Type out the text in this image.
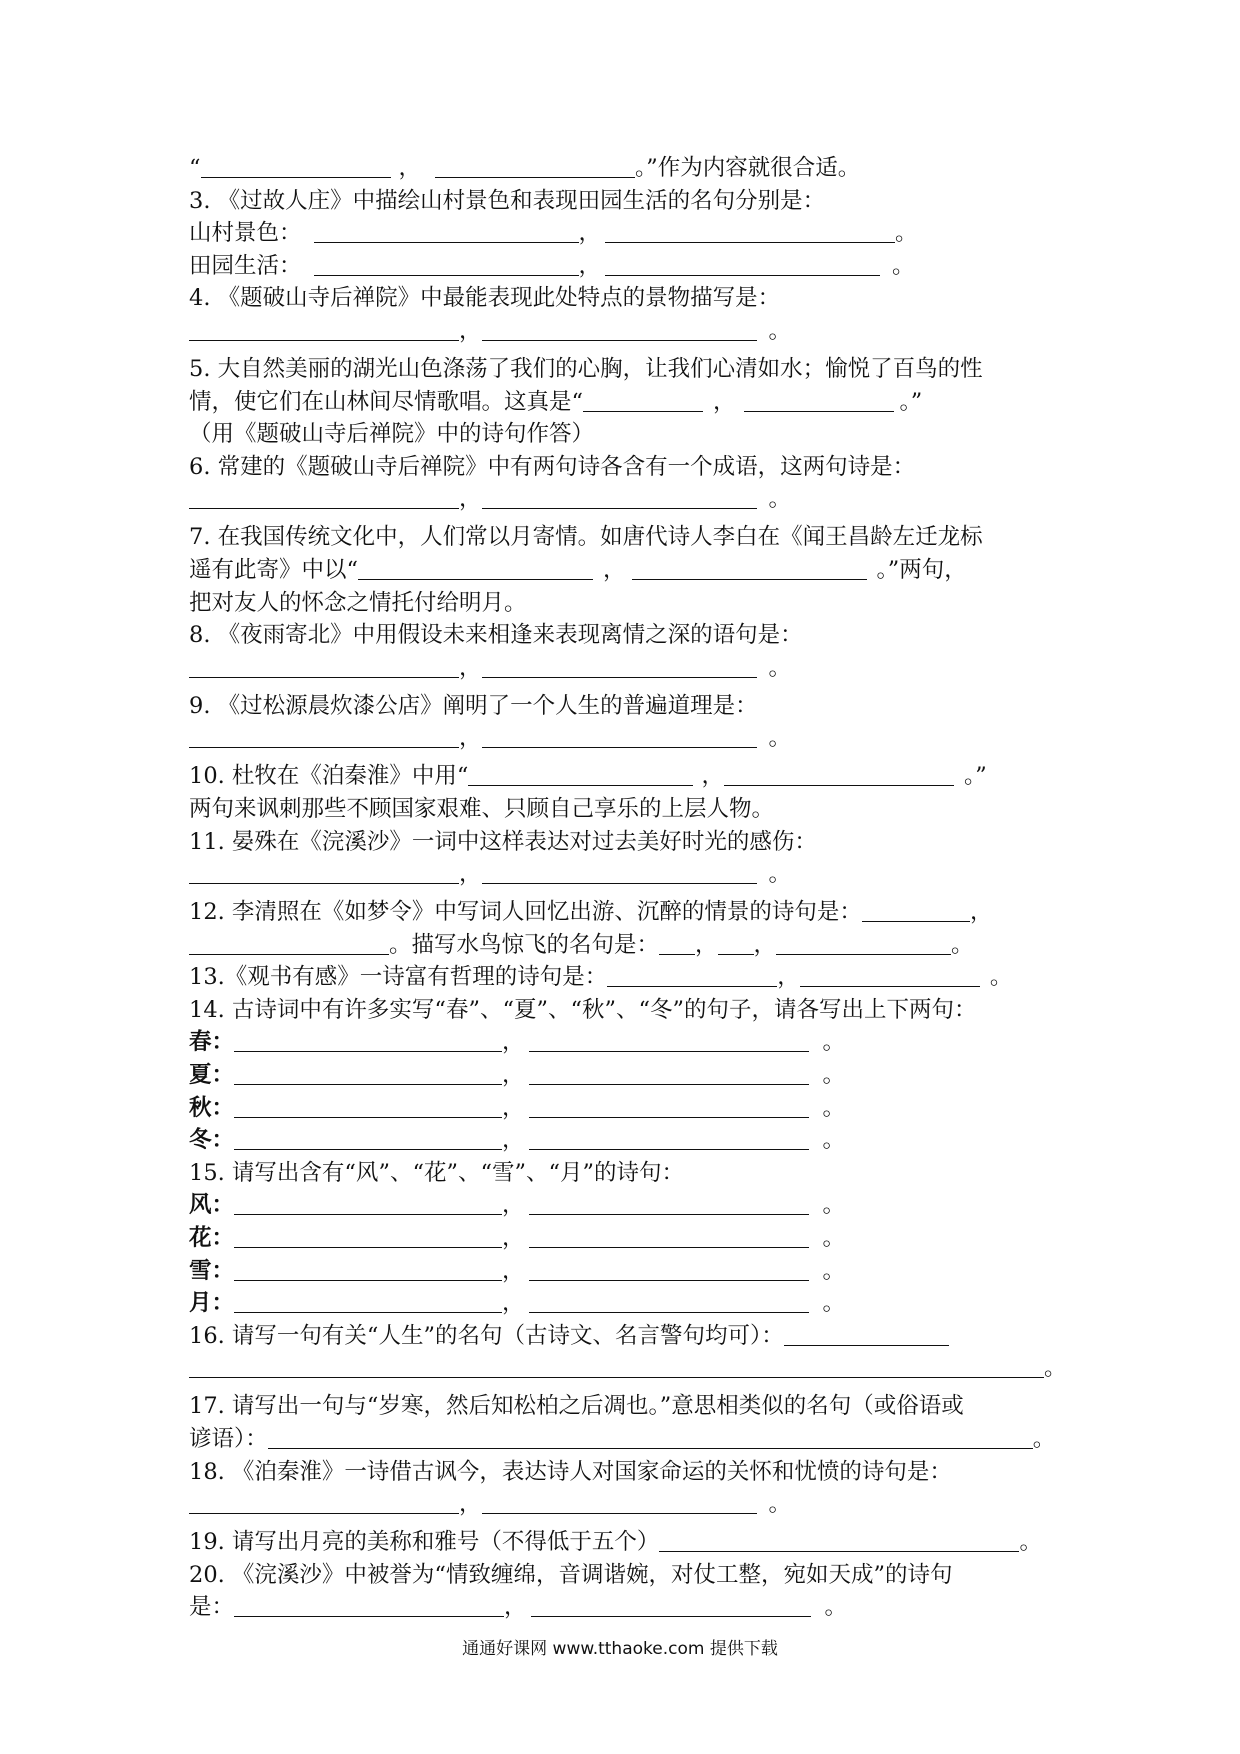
“	，	。”作为内容就很合适。
3. 《过故人庄》中描绘山村景色和表现田园生活的名句分别是：
山村景色：	，	。
田园生活：	，	。
4. 《题破山寺后禅院》中最能表现此处特点的景物描写是：
，	。
5. 大自然美丽的湖光山色涤荡了我们的心胸，让我们心清如水；愉悦了百鸟的性
情，使它们在山林间尽情歌唱。这真是“	，	。”
（用《题破山寺后禅院》中的诗句作答）
6. 常建的《题破山寺后禅院》中有两句诗各含有一个成语，这两句诗是：
，	。
7. 在我国传统文化中，人们常以月寄情。如唐代诗人李白在《闻王昌龄左迁龙标
遥有此寄》中以“	，	。”两句，
把对友人的怀念之情托付给明月。
8. 《夜雨寄北》中用假设未来相逢来表现离情之深的语句是：
，	。
9. 《过松源晨炊漆公店》阐明了一个人生的普遍道理是：
，	。
10. 杜牧在《泊秦淮》中用“	，	。”
两句来讽刺那些不顾国家艰难、只顾自己享乐的上层人物。
11. 晏殊在《浣溪沙》一词中这样表达对过去美好时光的感伤：
，	。
12. 李清照在《如梦令》中写词人回忆出游、沉醉的情景的诗句是：	，
。描写水鸟惊飞的名句是： ， ，	。
13.《观书有感》一诗富有哲理的诗句是：	，	。
14. 古诗词中有许多实写“春”、“夏”、“秋”、“冬”的句子，请各写出上下两句：
春：	，	。
夏：	，	。
秋：	，	。
冬：	，	。
15. 请写出含有“风”、“花”、“雪”、“月”的诗句：
风：	，	。
花：	，	。
雪：	，	。
月：	，	。
16. 请写一句有关“人生”的名句（古诗文、名言警句均可）：
。
17. 请写出一句与“岁寒，然后知松柏之后凋也。”意思相类似的名句（或俗语或
谚语）：	。
18. 《泊秦淮》一诗借古讽今，表达诗人对国家命运的关怀和忧愤的诗句是：
，	。
19. 请写出月亮的美称和雅号（不得低于五个）	。
20. 《浣溪沙》中被誉为“情致缠绵，音调谐婉，对仗工整，宛如天成”的诗句
是：	，	。
通通好课网 www.tthaoke.com 提供下载
